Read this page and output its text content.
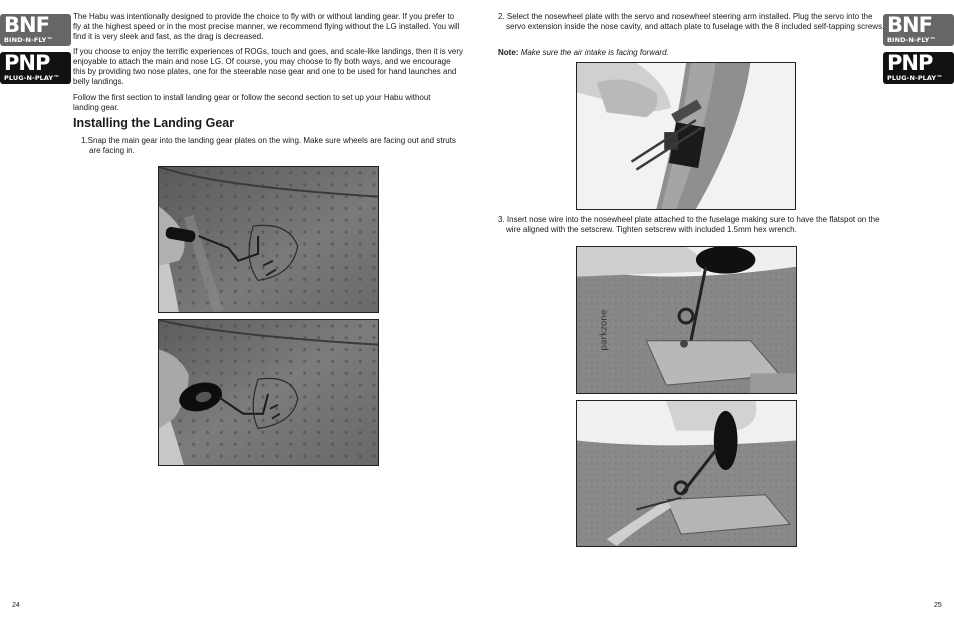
BNF
BIND-N-FLY™
PNP
PLUG-N-PLAY™
BNF
BIND-N-FLY™
PNP
PLUG-N-PLAY™

The Habu was intentionally designed to provide the choice to fly with or without landing gear. If you prefer to fly at the highest speed or in the most precise manner, we recommend flying without the LG installed. You will find it is very sleek and fast, as the drag is decreased.

If you choose to enjoy the terrific experiences of ROGs, touch and goes, and scale-like landings, then it is very enjoyable to attach the main and nose LG. Of course, you may choose to fly both ways, and we encourage this by providing two nose plates, one for the steerable nose gear and one to be used for hand launches and belly landings.

Follow the first section to install landing gear or follow the second section to set up your Habu without landing gear.

Installing the Landing Gear

1.Snap the main gear into the landing gear plates on the wing. Make sure wheels are facing out and struts are facing in.

2. Select the nosewheel plate with the servo and nosewheel steering arm installed. Plug the servo into the servo extension inside the nose cavity, and attach plate to fuselage with the 8 included self-tapping screws.

Note: Make sure the air intake is facing forward.

3. Insert nose wire into the nosewheel plate attached to the fuselage making sure to have the flatspot on the wire aligned with the setscrew. Tighten setscrew with included 1.5mm hex wrench.

parkzone
24	25
